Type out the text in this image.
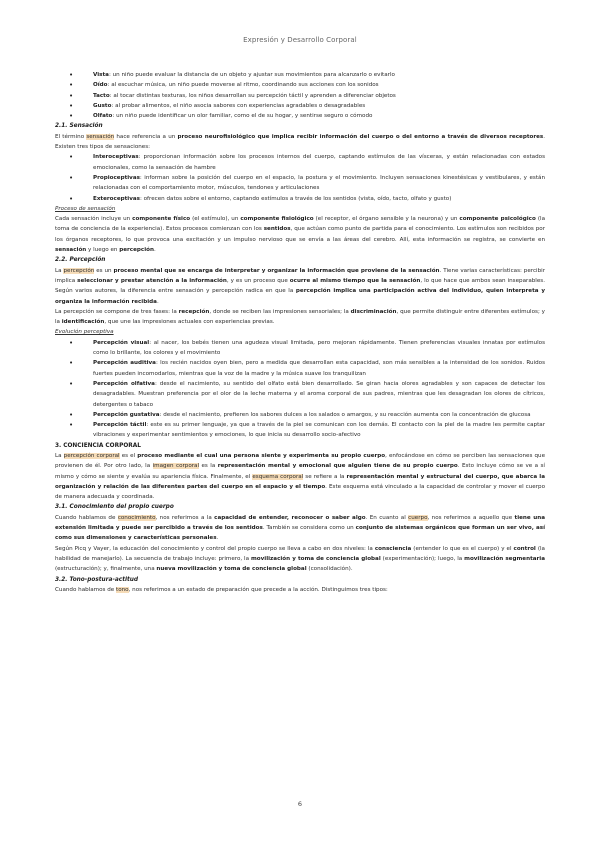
Expresión y Desarrollo Corporal
• Vista: un niño puede evaluar la distancia de un objeto y ajustar sus movimientos para alcanzarlo o evitarlo
• Oído: al escuchar música, un niño puede moverse al ritmo, coordinando sus acciones con los sonidos
• Tacto: al tocar distintas texturas, los niños desarrollan su percepción táctil y aprenden a diferenciar objetos
• Gusto: al probar alimentos, el niño asocia sabores con experiencias agradables o desagradables
• Olfato: un niño puede identificar un olor familiar, como el de su hogar, y sentirse seguro o cómodo

2.1. Sensación

El término sensación hace referencia a un proceso neurofisiológico que implica recibir información del cuerpo o del entorno a través de diversos receptores. Existen tres tipos de sensaciones:

• Interoceptivas: proporcionan información sobre los procesos internos del cuerpo, captando estímulos de las vísceras, y están relacionadas con estados emocionales, como la sensación de hambre
• Propioceptivas: informan sobre la posición del cuerpo en el espacio, la postura y el movimiento. Incluyen sensaciones kinestésicas y vestibulares, y están relacionadas con el comportamiento motor, músculos, tendones y articulaciones
• Exteroceptivas: ofrecen datos sobre el entorno, captando estímulos a través de los sentidos (vista, oído, tacto, olfato y gusto)

Proceso de sensación

Cada sensación incluye un componente físico (el estímulo), un componente fisiológico (el receptor, el órgano sensible y la neurona) y un componente psicológico (la toma de conciencia de la experiencia). Estos procesos comienzan con los sentidos, que actúan como punto de partida para el conocimiento. Los estímulos son recibidos por los órganos receptores, lo que provoca una excitación y un impulso nervioso que se envía a las áreas del cerebro. Allí, esta información se registra, se convierte en sensación y luego en percepción.

2.2. Percepción

La percepción es un proceso mental que se encarga de interpretar y organizar la información que proviene de la sensación. Tiene varias características: percibir implica seleccionar y prestar atención a la información, y es un proceso que ocurre al mismo tiempo que la sensación, lo que hace que ambos sean inseparables. Según varios autores, la diferencia entre sensación y percepción radica en que la percepción implica una participación activa del individuo, quien interpreta y organiza la información recibida.

La percepción se compone de tres fases: la recepción, donde se reciben las impresiones sensoriales; la discriminación, que permite distinguir entre diferentes estímulos; y la identificación, que une las impresiones actuales con experiencias previas.

Evolución perceptiva

• Percepción visual: al nacer, los bebés tienen una agudeza visual limitada, pero mejoran rápidamente. Tienen preferencias visuales innatas por estímulos como lo brillante, los colores y el movimiento
• Percepción auditiva: los recién nacidos oyen bien, pero a medida que desarrollan esta capacidad, son más sensibles a la intensidad de los sonidos. Ruidos fuertes pueden incomodarlos, mientras que la voz de la madre y la música suave los tranquilizan
• Percepción olfativa: desde el nacimiento, su sentido del olfato está bien desarrollado. Se giran hacia olores agradables y son capaces de detectar los desagradables. Muestran preferencia por el olor de la leche materna y el aroma corporal de sus padres, mientras que les desagradan los olores de cítricos, detergentes o tabaco
• Percepción gustativa: desde el nacimiento, prefieren los sabores dulces a los salados o amargos, y su reacción aumenta con la concentración de glucosa
• Percepción táctil: este es su primer lenguaje, ya que a través de la piel se comunican con los demás. El contacto con la piel de la madre les permite captar vibraciones y experimentar sentimientos y emociones, lo que inicia su desarrollo socio-afectivo

3. CONCIENCIA CORPORAL

La percepción corporal es el proceso mediante el cual una persona siente y experimenta su propio cuerpo, enfocándose en cómo se perciben las sensaciones que provienen de él. Por otro lado, la imagen corporal es la representación mental y emocional que alguien tiene de su propio cuerpo. Esto incluye cómo se ve a sí mismo y cómo se siente y evalúa su apariencia física. Finalmente, el esquema corporal se refiere a la representación mental y estructural del cuerpo, que abarca la organización y relación de las diferentes partes del cuerpo en el espacio y el tiempo. Este esquema está vinculado a la capacidad de controlar y mover el cuerpo de manera adecuada y coordinada.

3.1. Conocimiento del propio cuerpo

Cuando hablamos de conocimiento, nos referimos a la capacidad de entender, reconocer o saber algo. En cuanto al cuerpo, nos referimos a aquello que tiene una extensión limitada y puede ser percibido a través de los sentidos. También se considera como un conjunto de sistemas orgánicos que forman un ser vivo, así como sus dimensiones y características personales.

Según Picq y Vayer, la educación del conocimiento y control del propio cuerpo se lleva a cabo en dos niveles: la consciencia (entender lo que es el cuerpo) y el control (la habilidad de manejarlo). La secuencia de trabajo incluye: primero, la movilización y toma de conciencia global (experimentación); luego, la movilización segmentaria (estructuración); y, finalmente, una nueva movilización y toma de conciencia global (consolidación).

3.2. Tono-postura-actitud

Cuando hablamos de tono, nos referimos a un estado de preparación que precede a la acción. Distinguimos tres tipos:

6
